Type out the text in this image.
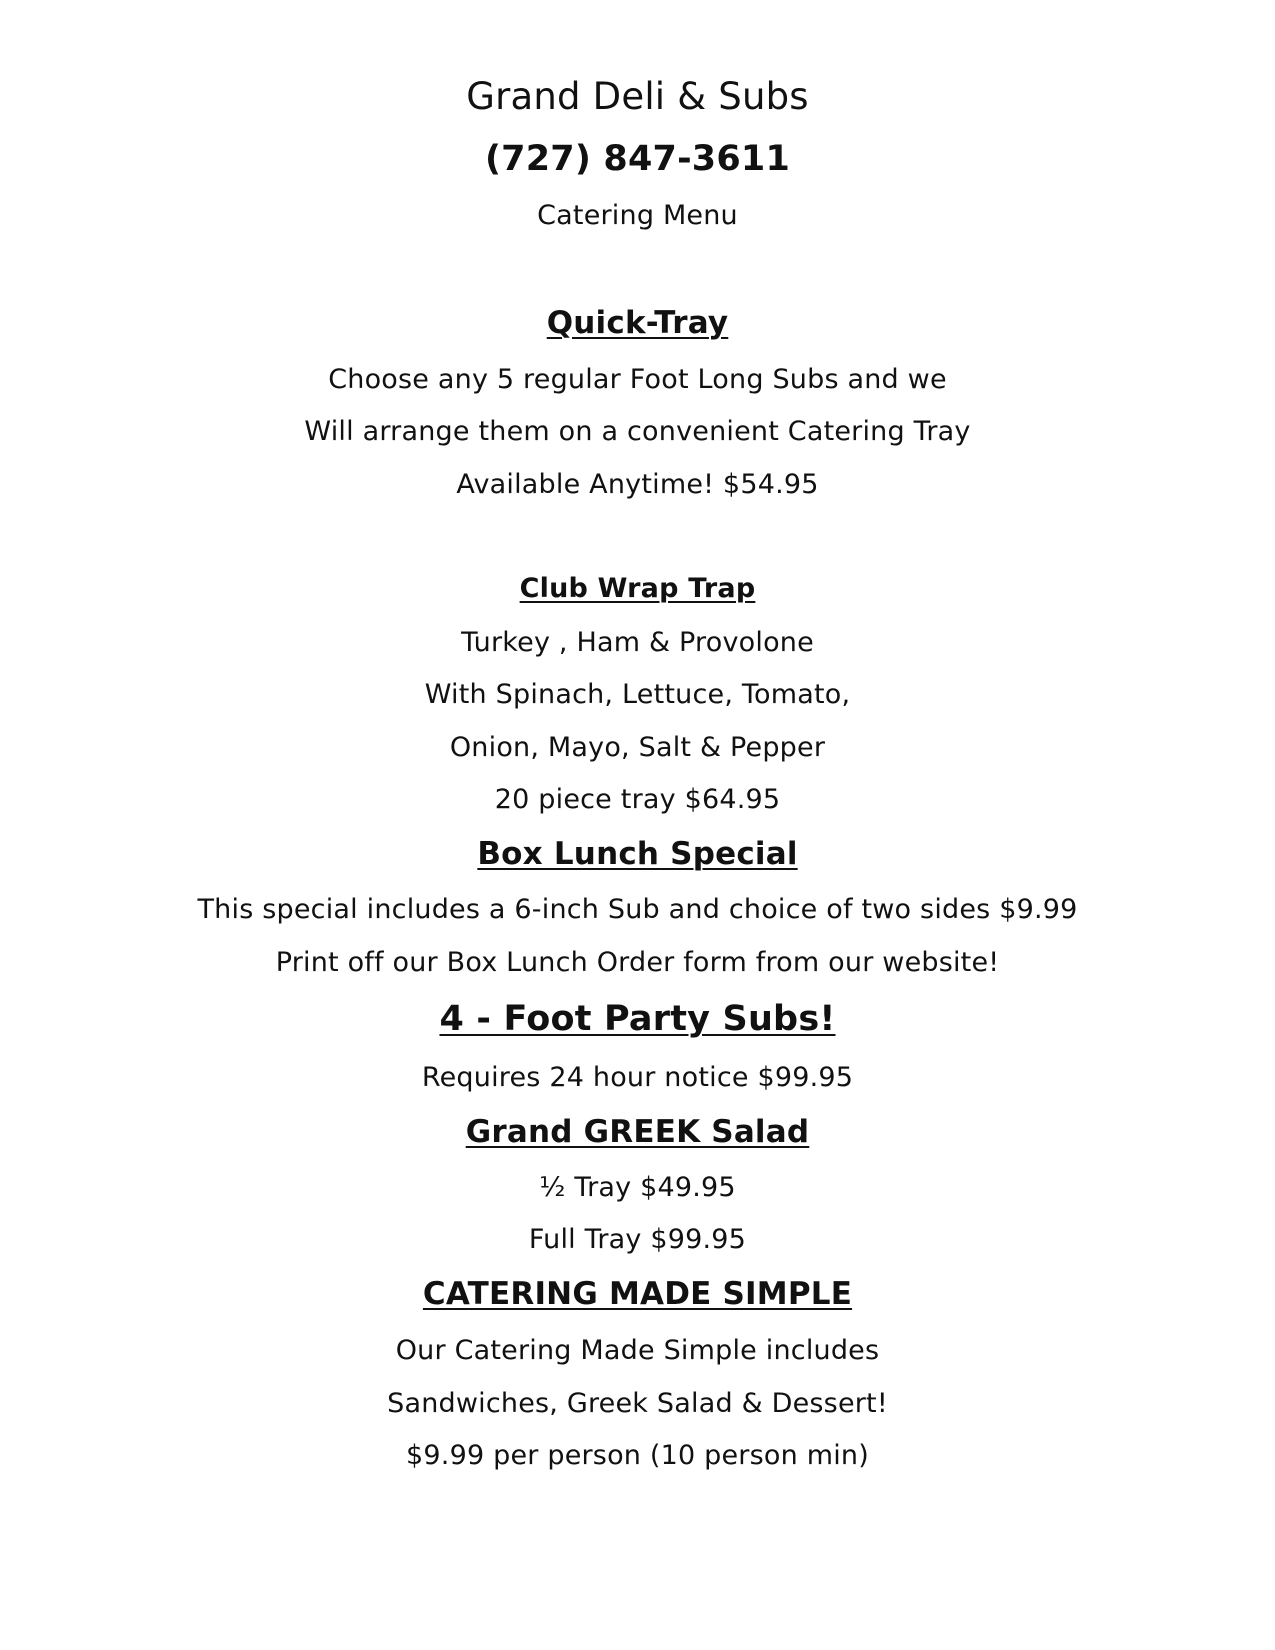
Grand Deli & Subs
(727) 847-3611
Catering Menu
Quick-Tray
Choose any 5 regular Foot Long Subs and we
Will arrange them on a convenient Catering Tray
Available Anytime! $54.95
Club Wrap Trap
Turkey , Ham & Provolone
With Spinach, Lettuce, Tomato,
Onion, Mayo, Salt & Pepper
20 piece tray $64.95
Box Lunch Special
This special includes a 6-inch Sub and choice of two sides $9.99
Print off our Box Lunch Order form from our website!
4 - Foot Party Subs!
Requires 24 hour notice $99.95
Grand GREEK Salad
½ Tray $49.95
Full Tray $99.95
CATERING MADE SIMPLE
Our Catering Made Simple includes
Sandwiches, Greek Salad & Dessert!
$9.99 per person (10 person min)
